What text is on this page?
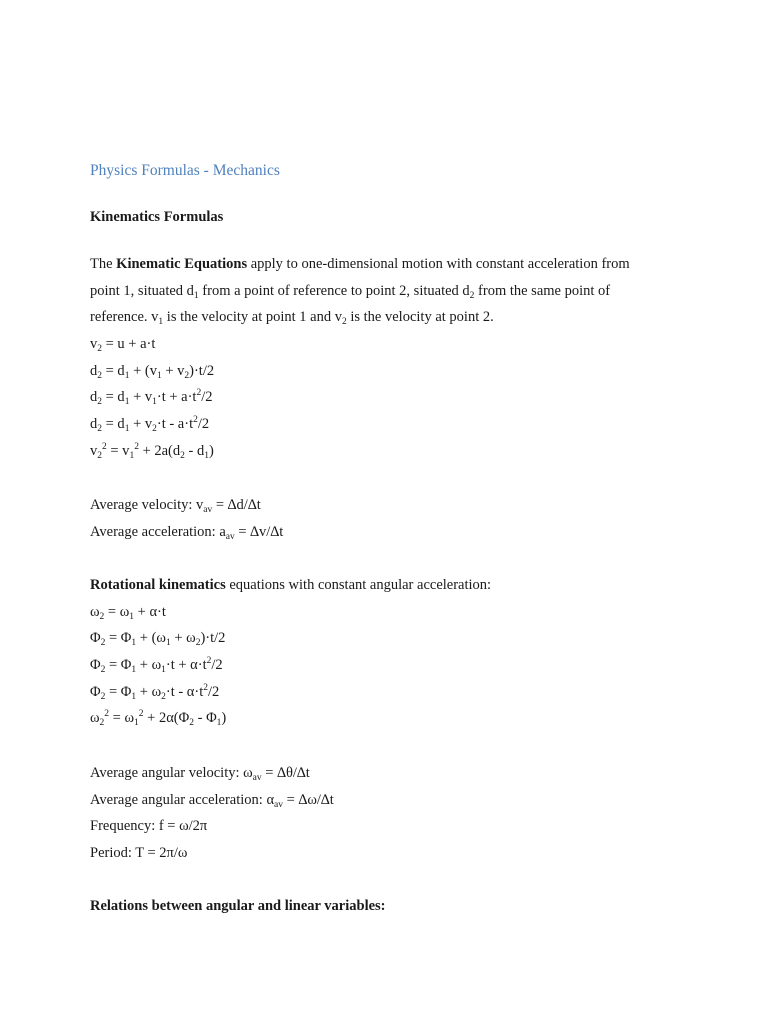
Physics Formulas - Mechanics

Kinematics Formulas

The Kinematic Equations apply to one-dimensional motion with constant acceleration from
point 1, situated $d_1$ from a point of reference to point 2, situated $d_2$ from the same point of
reference. $v_1$ is the velocity at point 1 and $v_2$ is the velocity at point 2.

$v_2 = u + a\cdot t$
$d_2 = d_1 + (v_1 + v_2)\cdot t/2$
$d_2 = d_1 + v_1\cdot t + a\cdot t^2/2$
$d_2 = d_1 + v_2\cdot t - a\cdot t^2/2$
$v_2^2 = v_1^2 + 2a(d_2 - d_1)$
Average velocity: $v_{av} = \Delta d/\Delta t$
Average acceleration: $a_{av} = \Delta v/\Delta t$
Rotational kinematics equations with constant angular acceleration:
$\omega_2 = \omega_1 + \alpha\cdot t$
$\Phi_2 = \Phi_1 + (\omega_1 + \omega_2)\cdot t/2$
$\Phi_2 = \Phi_1 + \omega_1\cdot t + \alpha\cdot t^2/2$
$\Phi_2 = \Phi_1 + \omega_2\cdot t - \alpha\cdot t^2/2$
$\omega_2^2 = \omega_1^2 + 2\alpha(\Phi_2 - \Phi_1)$
Average angular velocity: $\omega_{av} = \Delta\theta/\Delta t$
Average angular acceleration: $\alpha_{av} = \Delta\omega/\Delta t$
Frequency: f = ω/2π
Period: T = 2π/ω

Relations between angular and linear variables:
